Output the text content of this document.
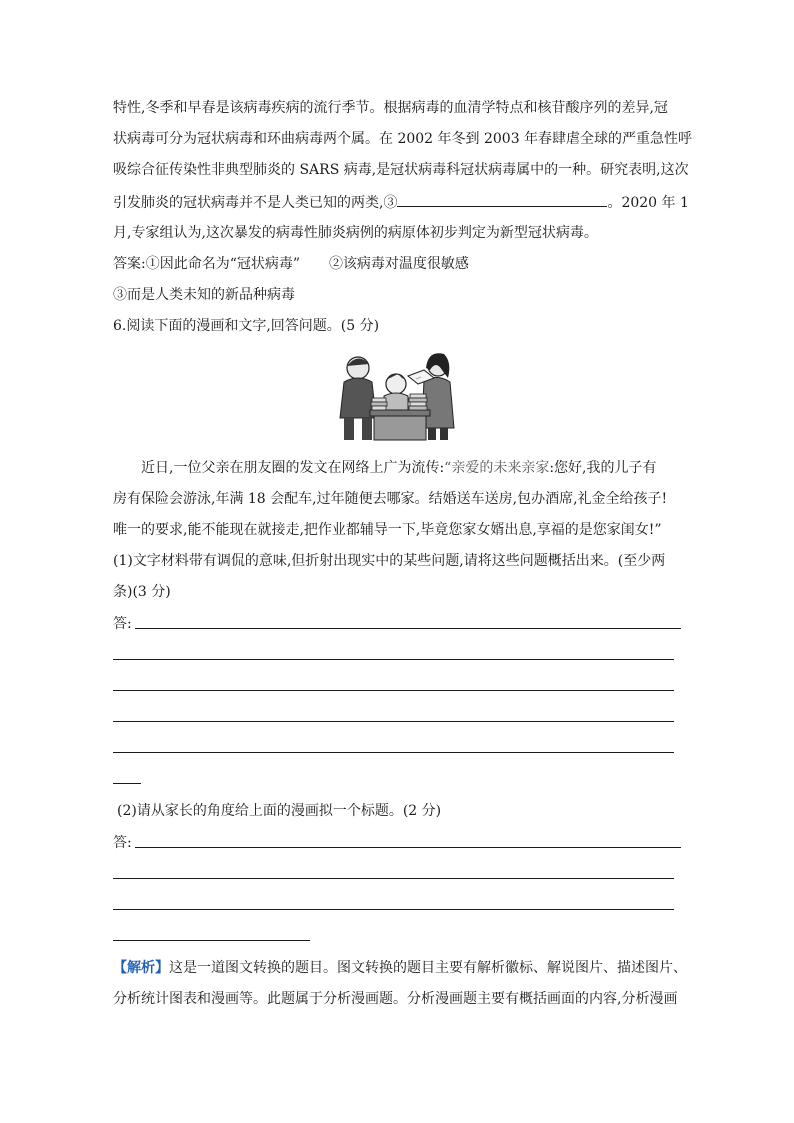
特性,冬季和早春是该病毒疾病的流行季节。根据病毒的血清学特点和核苷酸序列的差异,冠
状病毒可分为冠状病毒和环曲病毒两个属。在 2002 年冬到 2003 年春肆虐全球的严重急性呼
吸综合征传染性非典型肺炎的 SARS 病毒,是冠状病毒科冠状病毒属中的一种。研究表明,这次
引发肺炎的冠状病毒并不是人类已知的两类,③	。2020 年 1
月,专家组认为,这次暴发的病毒性肺炎病例的病原体初步判定为新型冠状病毒。
答案:①因此命名为“冠状病毒” ②该病毒对温度很敏感
③而是人类未知的新品种病毒
6.阅读下面的漫画和文字,回答问题。(5 分)
近日,一位父亲在朋友圈的发文在网络上广为流传:“亲爱的未来亲家:您好,我的儿子有
房有保险会游泳,年满 18 会配车,过年随便去哪家。结婚送车送房,包办酒席,礼金全给孩子!
唯一的要求,能不能现在就接走,把作业都辅导一下,毕竟您家女婿出息,享福的是您家闺女!”
(1)文字材料带有调侃的意味,但折射出现实中的某些问题,请将这些问题概括出来。(至少两
条)(3 分)
答:
(2)请从家长的角度给上面的漫画拟一个标题。(2 分)
答:
【解析】这是一道图文转换的题目。图文转换的题目主要有解析徽标、解说图片、描述图片、
分析统计图表和漫画等。此题属于分析漫画题。分析漫画题主要有概括画面的内容,分析漫画
